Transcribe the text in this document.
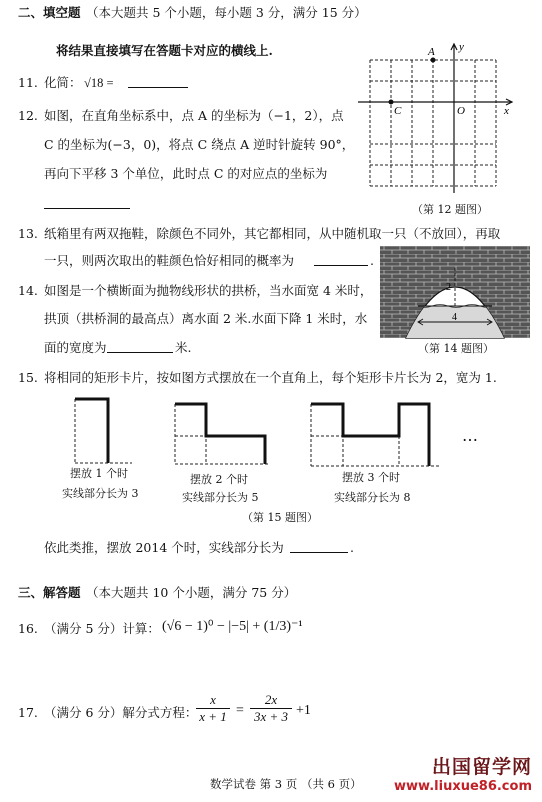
二、填空题 （本大题共 5 个小题，每小题 3 分，满分 15 分）
将结果直接填写在答题卡对应的横线上.
11. 化简： √18 =
12. 如图，在直角坐标系中，点 A 的坐标为（−1，2），点
C 的坐标为(−3，0)，将点 C 绕点 A 逆时针旋转 90°，
再向下平移 3 个单位，此时点 C 的对应点的坐标为
A
C	O	x
y
（第 12 题图）
13. 纸箱里有两双拖鞋，除颜色不同外，其它都相同，从中随机取一只（不放回），再取
一只，则两次取出的鞋颜色恰好相同的概率为	.
14. 如图是一个横断面为抛物线形状的拱桥，当水面宽 4 米时，
拱顶（拱桥洞的最高点）离水面 2 米.水面下降 1 米时，水
面的宽度为	米.
2
4
（第 14 题图）
15. 将相同的矩形卡片，按如图方式摆放在一个直角上，每个矩形卡片长为 2，宽为 1.
摆放 1 个时
实线部分长为 3
摆放 2 个时
实线部分长为 5
摆放 3 个时
实线部分长为 8
…
（第 15 题图）
依此类推，摆放 2014 个时，实线部分长为	.
三、解答题 （本大题共 10 个小题，满分 75 分）
16. （满分 5 分）计算： (√6 − 1)⁰ − |−5| + (1/3)⁻¹
17. （满分 6 分）解分式方程：
$\frac{x}{x + 1} = \frac{2x}{3x + 3} +1$
数学试卷 第 3 页 （共 6 页）
出国留学网
www.liuxue86.com
